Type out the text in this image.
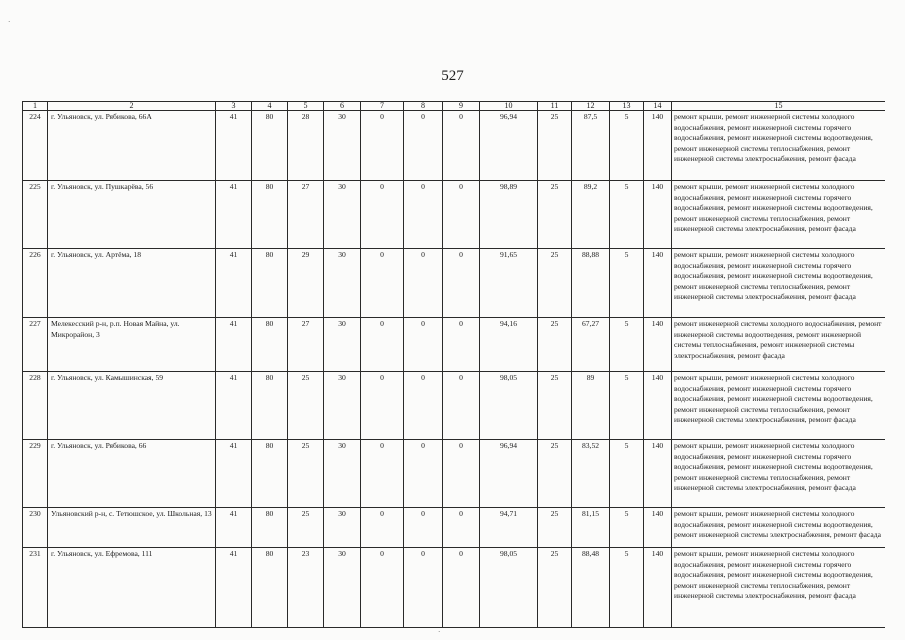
527
1	2	3	4	5	6	7	8	9	10	11	12	13	14	15
224	г. Ульяновск, ул. Рябикова, 66А	41	80	28	30	0	0	0	96,94	25	87,5	5	140	ремонт крыши, ремонт инженерной системы холодного водоснабжения, ремонт инженерной системы горячего водоснабжения, ремонт инженерной системы водоотведения, ремонт инженерной системы теплоснабжения, ремонт инженерной системы электроснабжения, ремонт фасада
225	г. Ульяновск, ул. Пушкарёва, 56	41	80	27	30	0	0	0	98,89	25	89,2	5	140	ремонт крыши, ремонт инженерной системы холодного водоснабжения, ремонт инженерной системы горячего водоснабжения, ремонт инженерной системы водоотведения, ремонт инженерной системы теплоснабжения, ремонт инженерной системы электроснабжения, ремонт фасада
226	г. Ульяновск, ул. Артёма, 18	41	80	29	30	0	0	0	91,65	25	88,88	5	140	ремонт крыши, ремонт инженерной системы холодного водоснабжения, ремонт инженерной системы горячего водоснабжения, ремонт инженерной системы водоотведения, ремонт инженерной системы теплоснабжения, ремонт инженерной системы электроснабжения, ремонт фасада
227	Мелекесский р-н, р.п. Новая Майна, ул. Микрорайон, 3	41	80	27	30	0	0	0	94,16	25	67,27	5	140	ремонт инженерной системы холодного водоснабжения, ремонт инженерной системы водоотведения, ремонт инженерной системы теплоснабжения, ремонт инженерной системы электроснабжения, ремонт фасада
228	г. Ульяновск, ул. Камышинская, 59	41	80	25	30	0	0	0	98,05	25	89	5	140	ремонт крыши, ремонт инженерной системы холодного водоснабжения, ремонт инженерной системы горячего водоснабжения, ремонт инженерной системы водоотведения, ремонт инженерной системы теплоснабжения, ремонт инженерной системы электроснабжения, ремонт фасада
229	г. Ульяновск, ул. Рябикова, 66	41	80	25	30	0	0	0	96,94	25	83,52	5	140	ремонт крыши, ремонт инженерной системы холодного водоснабжения, ремонт инженерной системы горячего водоснабжения, ремонт инженерной системы водоотведения, ремонт инженерной системы теплоснабжения, ремонт инженерной системы электроснабжения, ремонт фасада
230	Ульяновский р-н, с. Тетюшское, ул. Школьная, 13	41	80	25	30	0	0	0	94,71	25	81,15	5	140	ремонт крыши, ремонт инженерной системы холодного водоснабжения, ремонт инженерной системы водоотведения, ремонт инженерной системы электроснабжения, ремонт фасада
231	г. Ульяновск, ул. Ефремова, 111	41	80	23	30	0	0	0	98,05	25	88,48	5	140	ремонт крыши, ремонт инженерной системы холодного водоснабжения, ремонт инженерной системы горячего водоснабжения, ремонт инженерной системы водоотведения, ремонт инженерной системы теплоснабжения, ремонт инженерной системы электроснабжения, ремонт фасада
·
·
